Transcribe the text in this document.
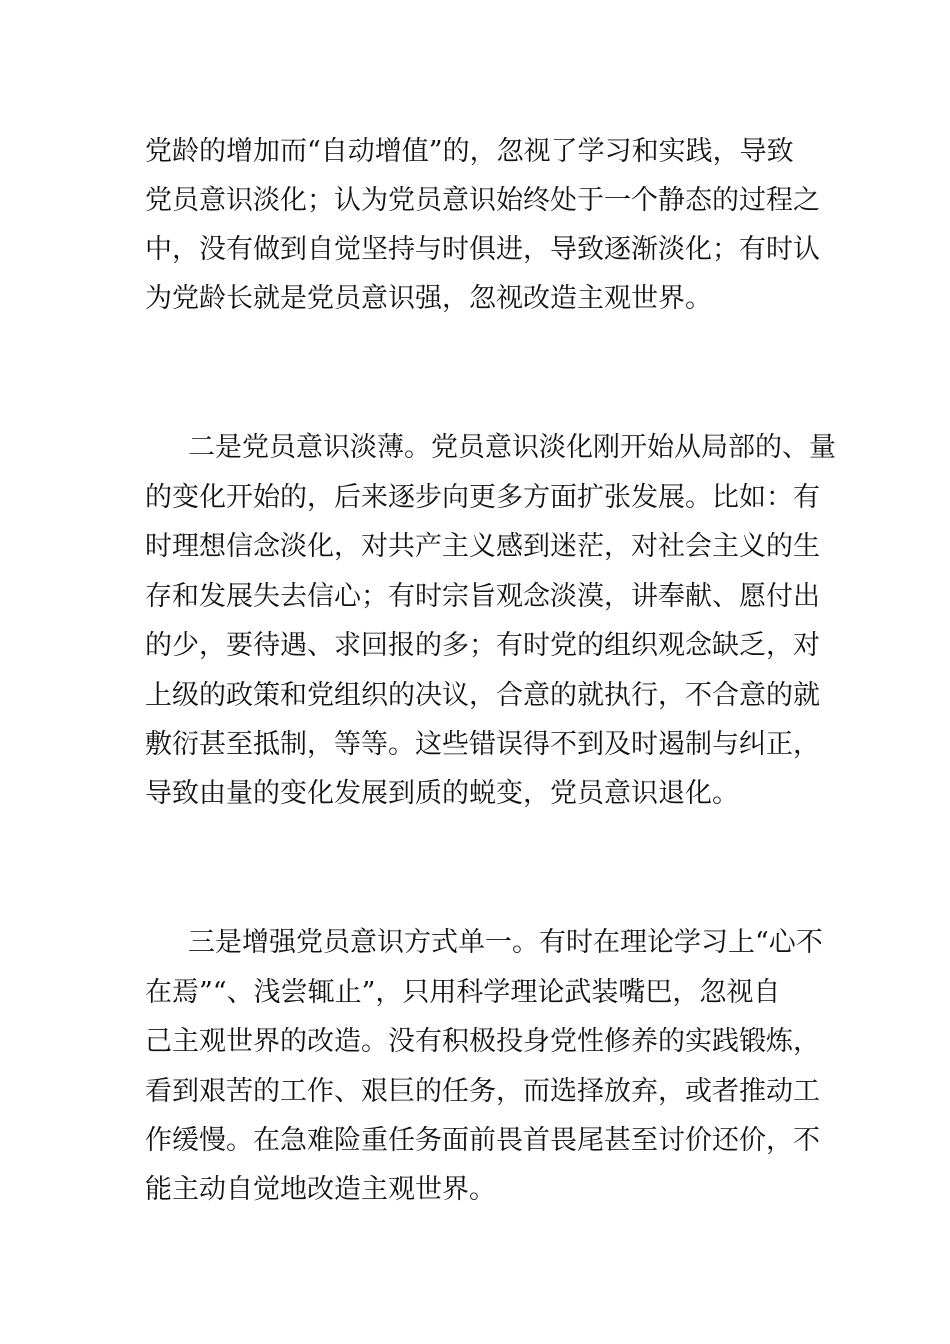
党龄的增加而“自动增值”的，忽视了学习和实践，导致
党员意识淡化；认为党员意识始终处于一个静态的过程之
中，没有做到自觉坚持与时俱进，导致逐渐淡化；有时认
为党龄长就是党员意识强，忽视改造主观世界。
二是党员意识淡薄。党员意识淡化刚开始从局部的、量
的变化开始的，后来逐步向更多方面扩张发展。比如：有
时理想信念淡化，对共产主义感到迷茫，对社会主义的生
存和发展失去信心；有时宗旨观念淡漠，讲奉献、愿付出
的少，要待遇、求回报的多；有时党的组织观念缺乏，对
上级的政策和党组织的决议，合意的就执行，不合意的就
敷衍甚至抵制，等等。这些错误得不到及时遏制与纠正，
导致由量的变化发展到质的蜕变，党员意识退化。
三是增强党员意识方式单一。有时在理论学习上“心不
在焉”“、浅尝辄止”，只用科学理论武装嘴巴，忽视自
己主观世界的改造。没有积极投身党性修养的实践锻炼，
看到艰苦的工作、艰巨的任务，而选择放弃，或者推动工
作缓慢。在急难险重任务面前畏首畏尾甚至讨价还价，不
能主动自觉地改造主观世界。
